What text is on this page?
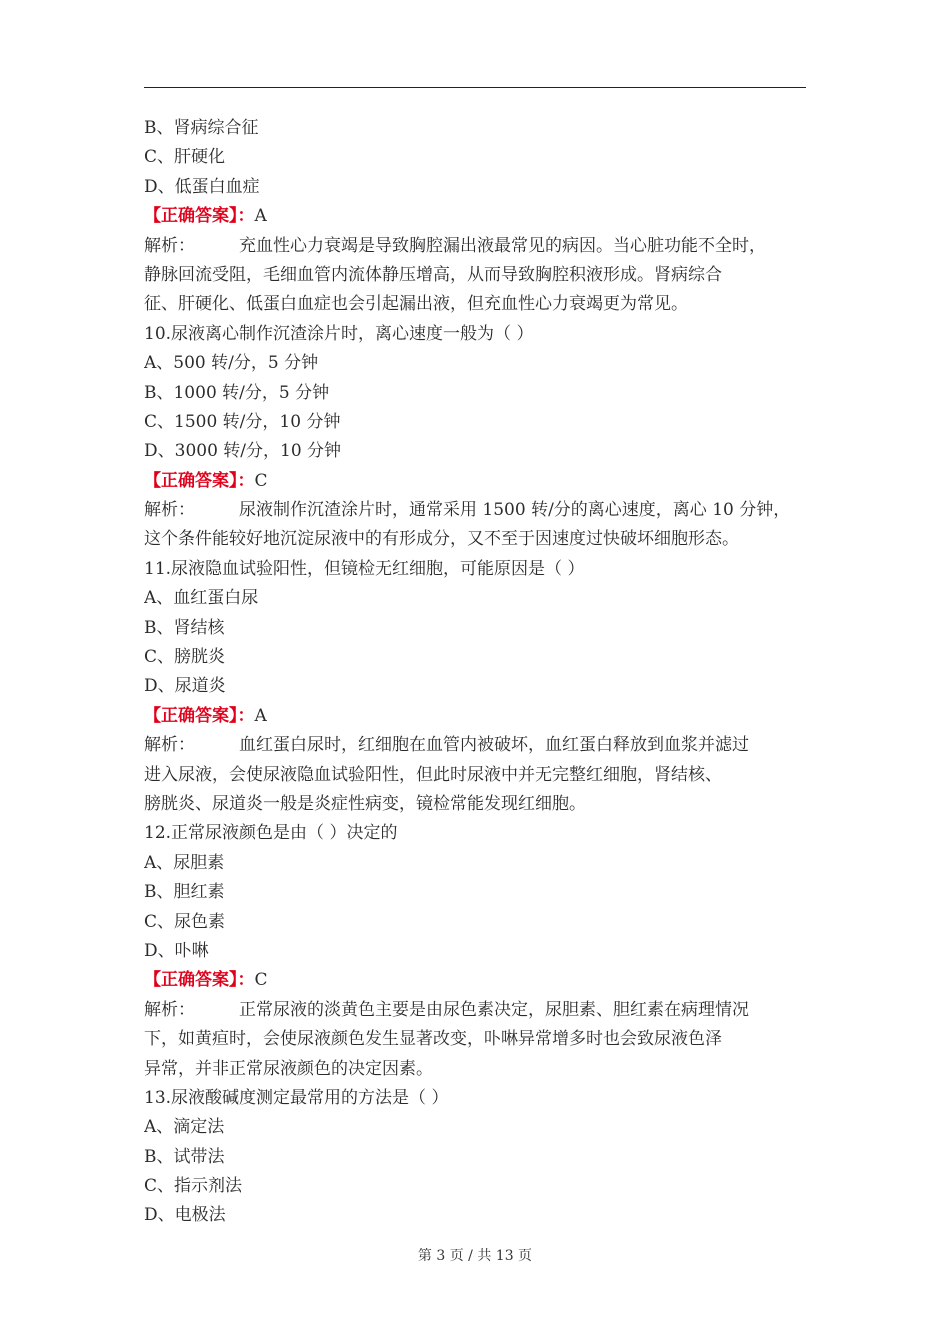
B、肾病综合征
C、肝硬化
D、低蛋白血症
【正确答案】：A
解析：	充血性心力衰竭是导致胸腔漏出液最常见的病因。当心脏功能不全时，
静脉回流受阻，毛细血管内流体静压增高，从而导致胸腔积液形成。肾病综合
征、肝硬化、低蛋白血症也会引起漏出液，但充血性心力衰竭更为常见。
10.尿液离心制作沉渣涂片时，离心速度一般为（ ）
A、500 转/分，5 分钟
B、1000 转/分，5 分钟
C、1500 转/分，10 分钟
D、3000 转/分，10 分钟
【正确答案】：C
解析：	尿液制作沉渣涂片时，通常采用 1500 转/分的离心速度，离心 10 分钟，
这个条件能较好地沉淀尿液中的有形成分，又不至于因速度过快破坏细胞形态。
11.尿液隐血试验阳性，但镜检无红细胞，可能原因是（ ）
A、血红蛋白尿
B、肾结核
C、膀胱炎
D、尿道炎
【正确答案】：A
解析：	血红蛋白尿时，红细胞在血管内被破坏，血红蛋白释放到血浆并滤过
进入尿液，会使尿液隐血试验阳性，但此时尿液中并无完整红细胞，肾结核、
膀胱炎、尿道炎一般是炎症性病变，镜检常能发现红细胞。
12.正常尿液颜色是由（ ）决定的
A、尿胆素
B、胆红素
C、尿色素
D、卟啉
【正确答案】：C
解析：	正常尿液的淡黄色主要是由尿色素决定，尿胆素、胆红素在病理情况
下，如黄疸时，会使尿液颜色发生显著改变，卟啉异常增多时也会致尿液色泽
异常，并非正常尿液颜色的决定因素。
13.尿液酸碱度测定最常用的方法是（ ）
A、滴定法
B、试带法
C、指示剂法
D、电极法
第 3 页 / 共 13 页
